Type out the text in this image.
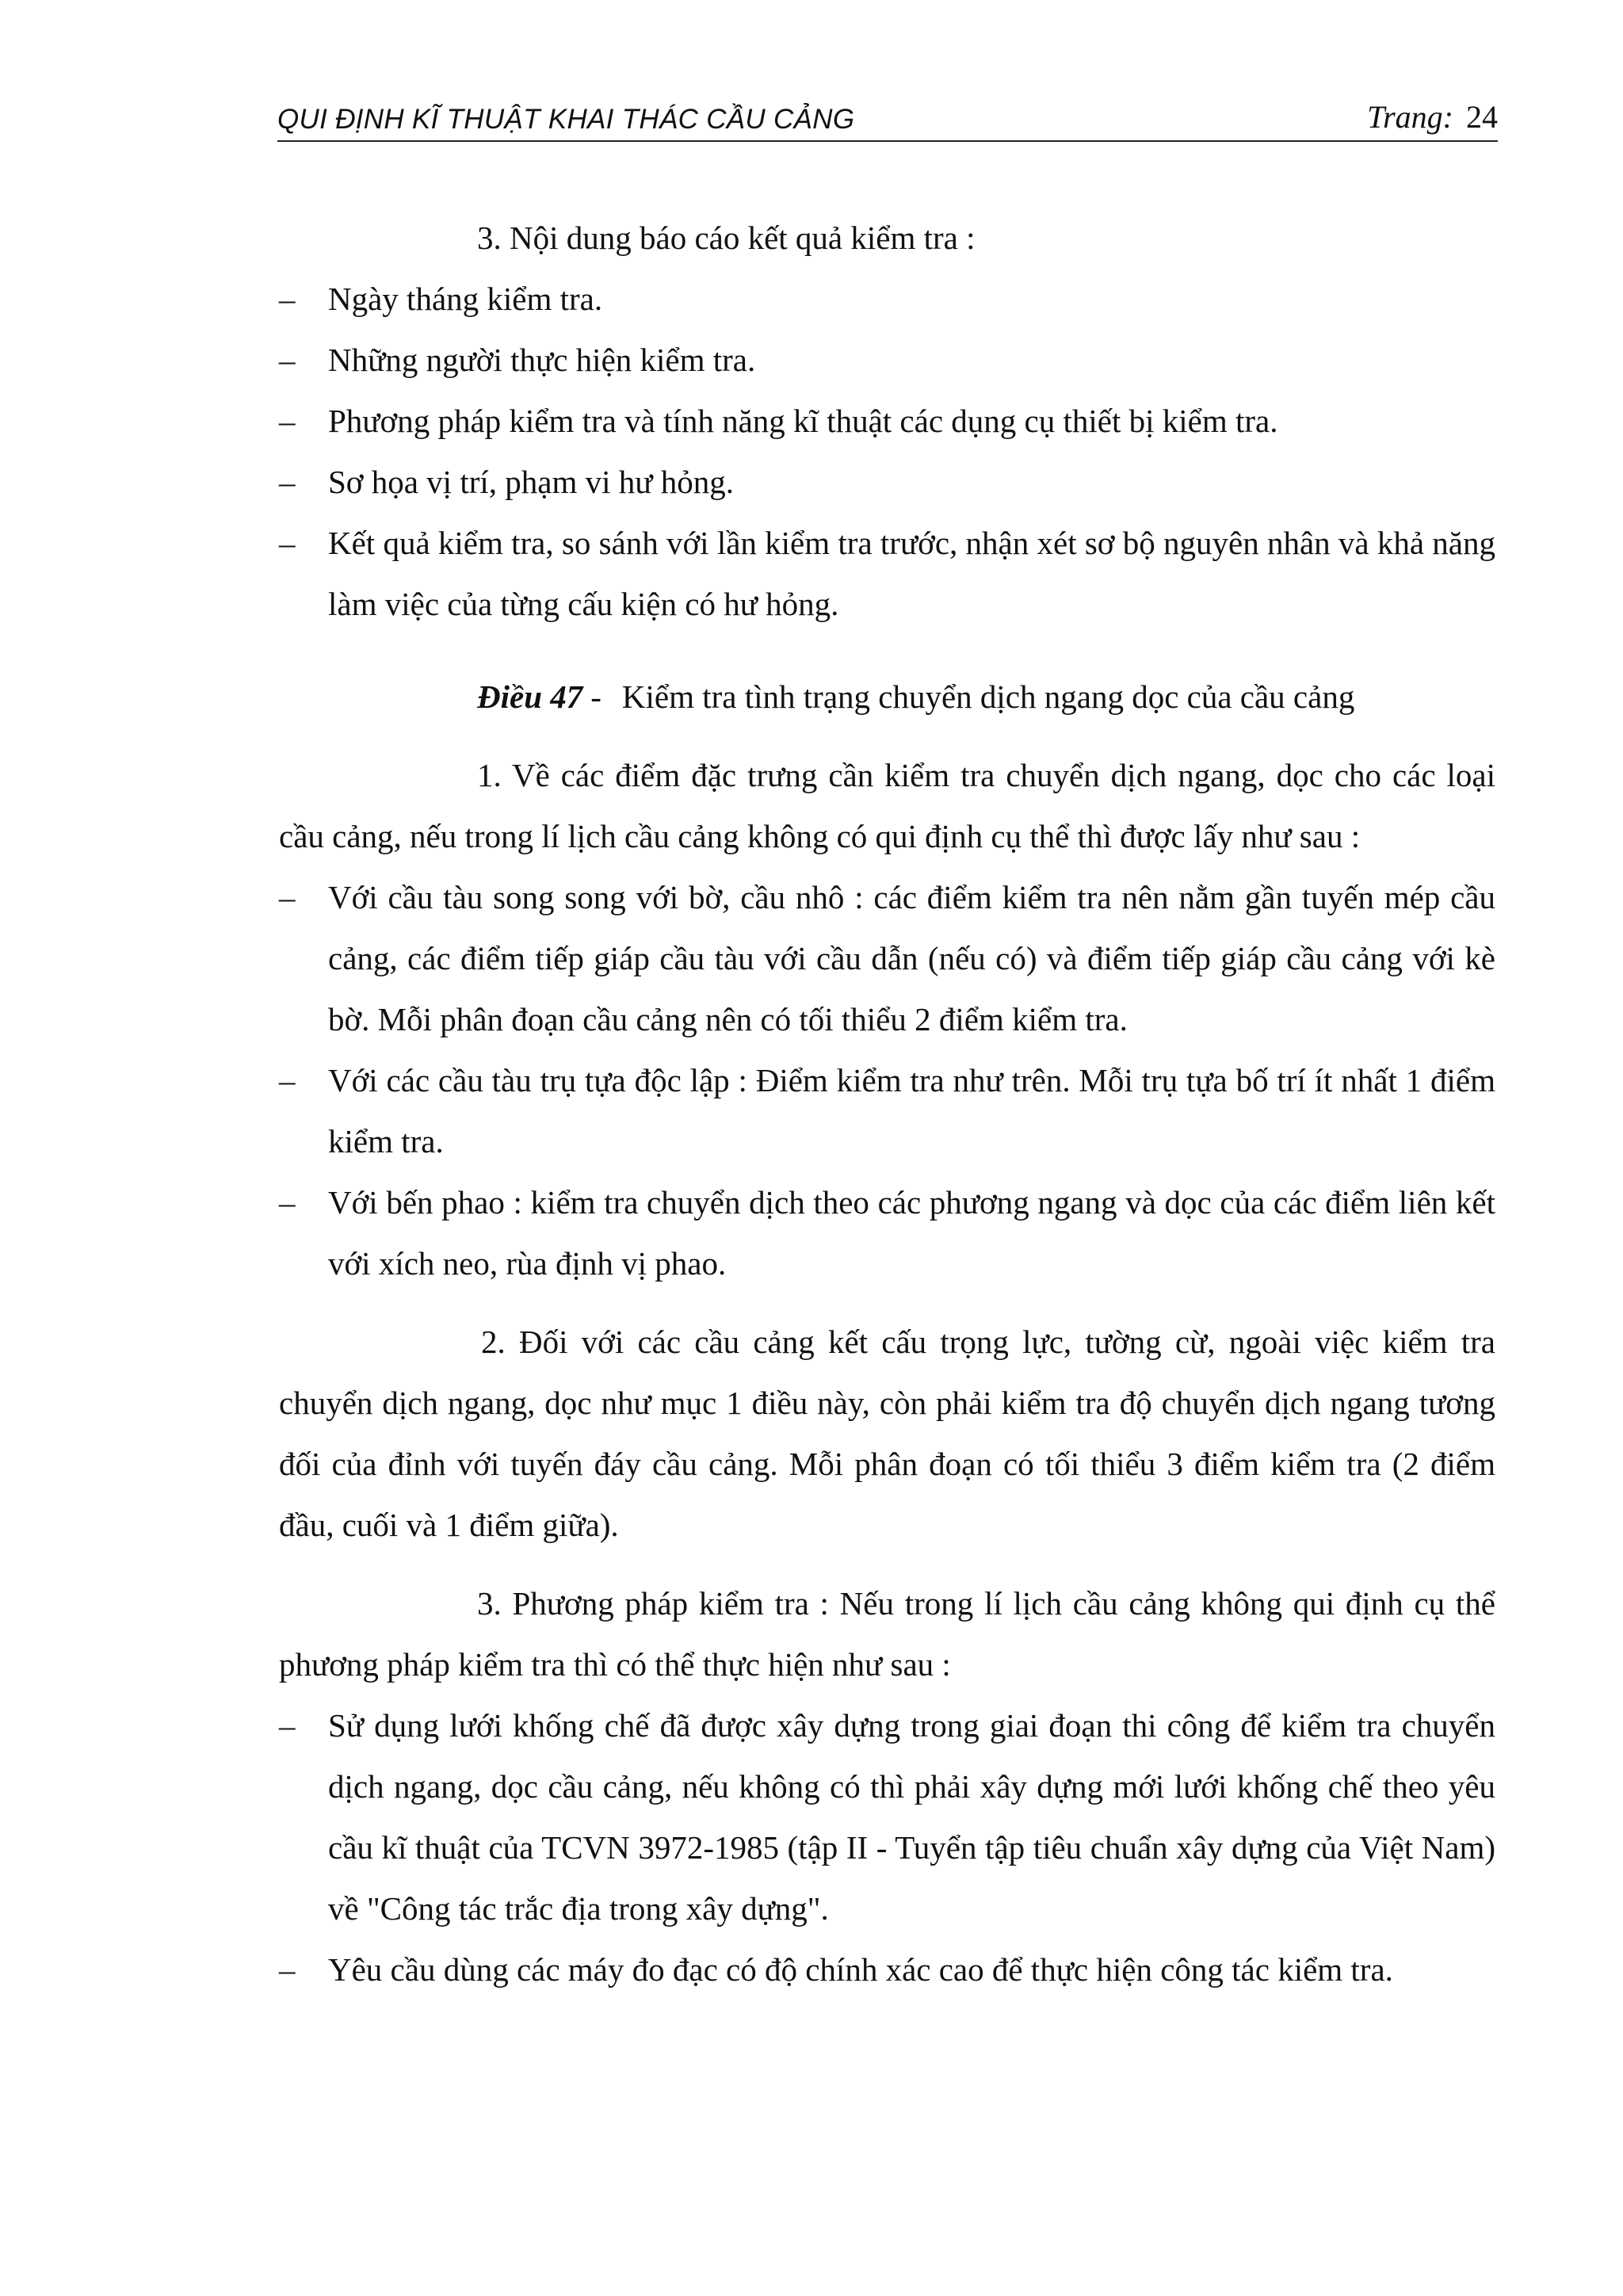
QUI ĐỊNH KĨ THUẬT KHAI THÁC CẦU CẢNG	Trang: 24

3. Nội dung báo cáo kết quả kiểm tra :

– Ngày tháng kiểm tra.
– Những người thực hiện kiểm tra.
– Phương pháp kiểm tra và tính năng kĩ thuật các dụng cụ thiết bị kiểm tra.
– Sơ họa vị trí, phạm vi hư hỏng.
– Kết quả kiểm tra, so sánh với lần kiểm tra trước, nhận xét sơ bộ nguyên nhân và khả năng làm việc của từng cấu kiện có hư hỏng.

Điều 47 - Kiểm tra tình trạng chuyển dịch ngang dọc của cầu cảng

1. Về các điểm đặc trưng cần kiểm tra chuyển dịch ngang, dọc cho các loại cầu cảng, nếu trong lí lịch cầu cảng không có qui định cụ thể thì được lấy như sau :

– Với cầu tàu song song với bờ, cầu nhô : các điểm kiểm tra nên nằm gần tuyến mép cầu cảng, các điểm tiếp giáp cầu tàu với cầu dẫn (nếu có) và điểm tiếp giáp cầu cảng với kè bờ. Mỗi phân đoạn cầu cảng nên có tối thiểu 2 điểm kiểm tra.
– Với các cầu tàu trụ tựa độc lập : Điểm kiểm tra như trên. Mỗi trụ tựa bố trí ít nhất 1 điểm kiểm tra.
– Với bến phao : kiểm tra chuyển dịch theo các phương ngang và dọc của các điểm liên kết với xích neo, rùa định vị phao.

2. Đối với các cầu cảng kết cấu trọng lực, tường cừ, ngoài việc kiểm tra chuyển dịch ngang, dọc như mục 1 điều này, còn phải kiểm tra độ chuyển dịch ngang tương đối của đỉnh với tuyến đáy cầu cảng. Mỗi phân đoạn có tối thiểu 3 điểm kiểm tra (2 điểm đầu, cuối và 1 điểm giữa).

3. Phương pháp kiểm tra : Nếu trong lí lịch cầu cảng không qui định cụ thể phương pháp kiểm tra thì có thể thực hiện như sau :

– Sử dụng lưới khống chế đã được xây dựng trong giai đoạn thi công để kiểm tra chuyển dịch ngang, dọc cầu cảng, nếu không có thì phải xây dựng mới lưới khống chế theo yêu cầu kĩ thuật của TCVN 3972-1985 (tập II - Tuyển tập tiêu chuẩn xây dựng của Việt Nam) về "Công tác trắc địa trong xây dựng".
– Yêu cầu dùng các máy đo đạc có độ chính xác cao để thực hiện công tác kiểm tra.
